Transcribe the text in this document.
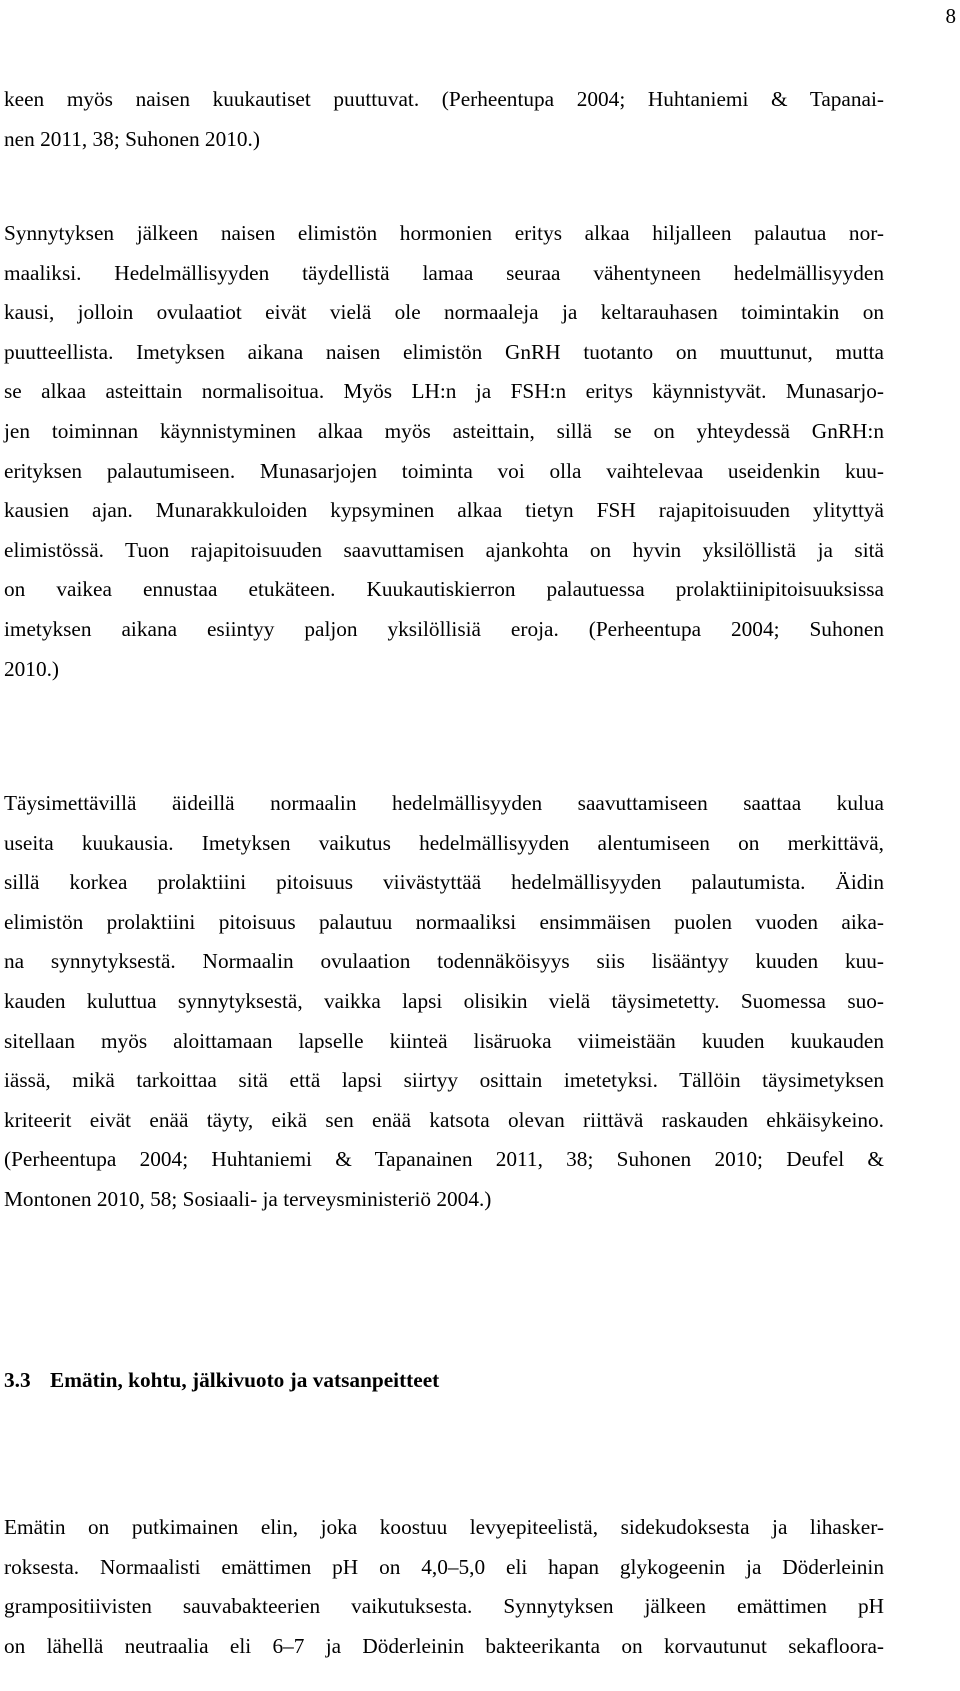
8
keen myös naisen kuukautiset puuttuvat. (Perheentupa 2004; Huhtaniemi & Tapanai-
nen 2011, 38; Suhonen 2010.)
Synnytyksen jälkeen naisen elimistön hormonien eritys alkaa hiljalleen palautua nor-
maaliksi. Hedelmällisyyden täydellistä lamaa seuraa vähentyneen hedelmällisyyden
kausi, jolloin ovulaatiot eivät vielä ole normaaleja ja keltarauhasen toimintakin on
puutteellista. Imetyksen aikana naisen elimistön GnRH tuotanto on muuttunut, mutta
se alkaa asteittain normalisoitua. Myös LH:n ja FSH:n eritys käynnistyvät. Munasarjo-
jen toiminnan käynnistyminen alkaa myös asteittain, sillä se on yhteydessä GnRH:n
erityksen palautumiseen. Munasarjojen toiminta voi olla vaihtelevaa useidenkin kuu-
kausien ajan. Munarakkuloiden kypsyminen alkaa tietyn FSH rajapitoisuuden ylityttyä
elimistössä. Tuon rajapitoisuuden saavuttamisen ajankohta on hyvin yksilöllistä ja sitä
on vaikea ennustaa etukäteen. Kuukautiskierron palautuessa prolaktiinipitoisuuksissa
imetyksen aikana esiintyy paljon yksilöllisiä eroja. (Perheentupa 2004; Suhonen
2010.)
Täysimettävillä äideillä normaalin hedelmällisyyden saavuttamiseen saattaa kulua
useita kuukausia. Imetyksen vaikutus hedelmällisyyden alentumiseen on merkittävä,
sillä korkea prolaktiini pitoisuus viivästyttää hedelmällisyyden palautumista. Äidin
elimistön prolaktiini pitoisuus palautuu normaaliksi ensimmäisen puolen vuoden aika-
na synnytyksestä. Normaalin ovulaation todennäköisyys siis lisääntyy kuuden kuu-
kauden kuluttua synnytyksestä, vaikka lapsi olisikin vielä täysimetetty. Suomessa suo-
sitellaan myös aloittamaan lapselle kiinteä lisäruoka viimeistään kuuden kuukauden
iässä, mikä tarkoittaa sitä että lapsi siirtyy osittain imetetyksi. Tällöin täysimetyksen
kriteerit eivät enää täyty, eikä sen enää katsota olevan riittävä raskauden ehkäisykeino.
(Perheentupa 2004; Huhtaniemi & Tapanainen 2011, 38; Suhonen 2010; Deufel &
Montonen 2010, 58; Sosiaali- ja terveysministeriö 2004.)
3.3 Emätin, kohtu, jälkivuoto ja vatsanpeitteet
Emätin on putkimainen elin, joka koostuu levyepiteelistä, sidekudoksesta ja lihasker-
roksesta. Normaalisti emättimen pH on 4,0–5,0 eli hapan glykogeenin ja Döderleinin
grampositiivisten sauvabakteerien vaikutuksesta. Synnytyksen jälkeen emättimen pH
on lähellä neutraalia eli 6–7 ja Döderleinin bakteerikanta on korvautunut sekafloora-
